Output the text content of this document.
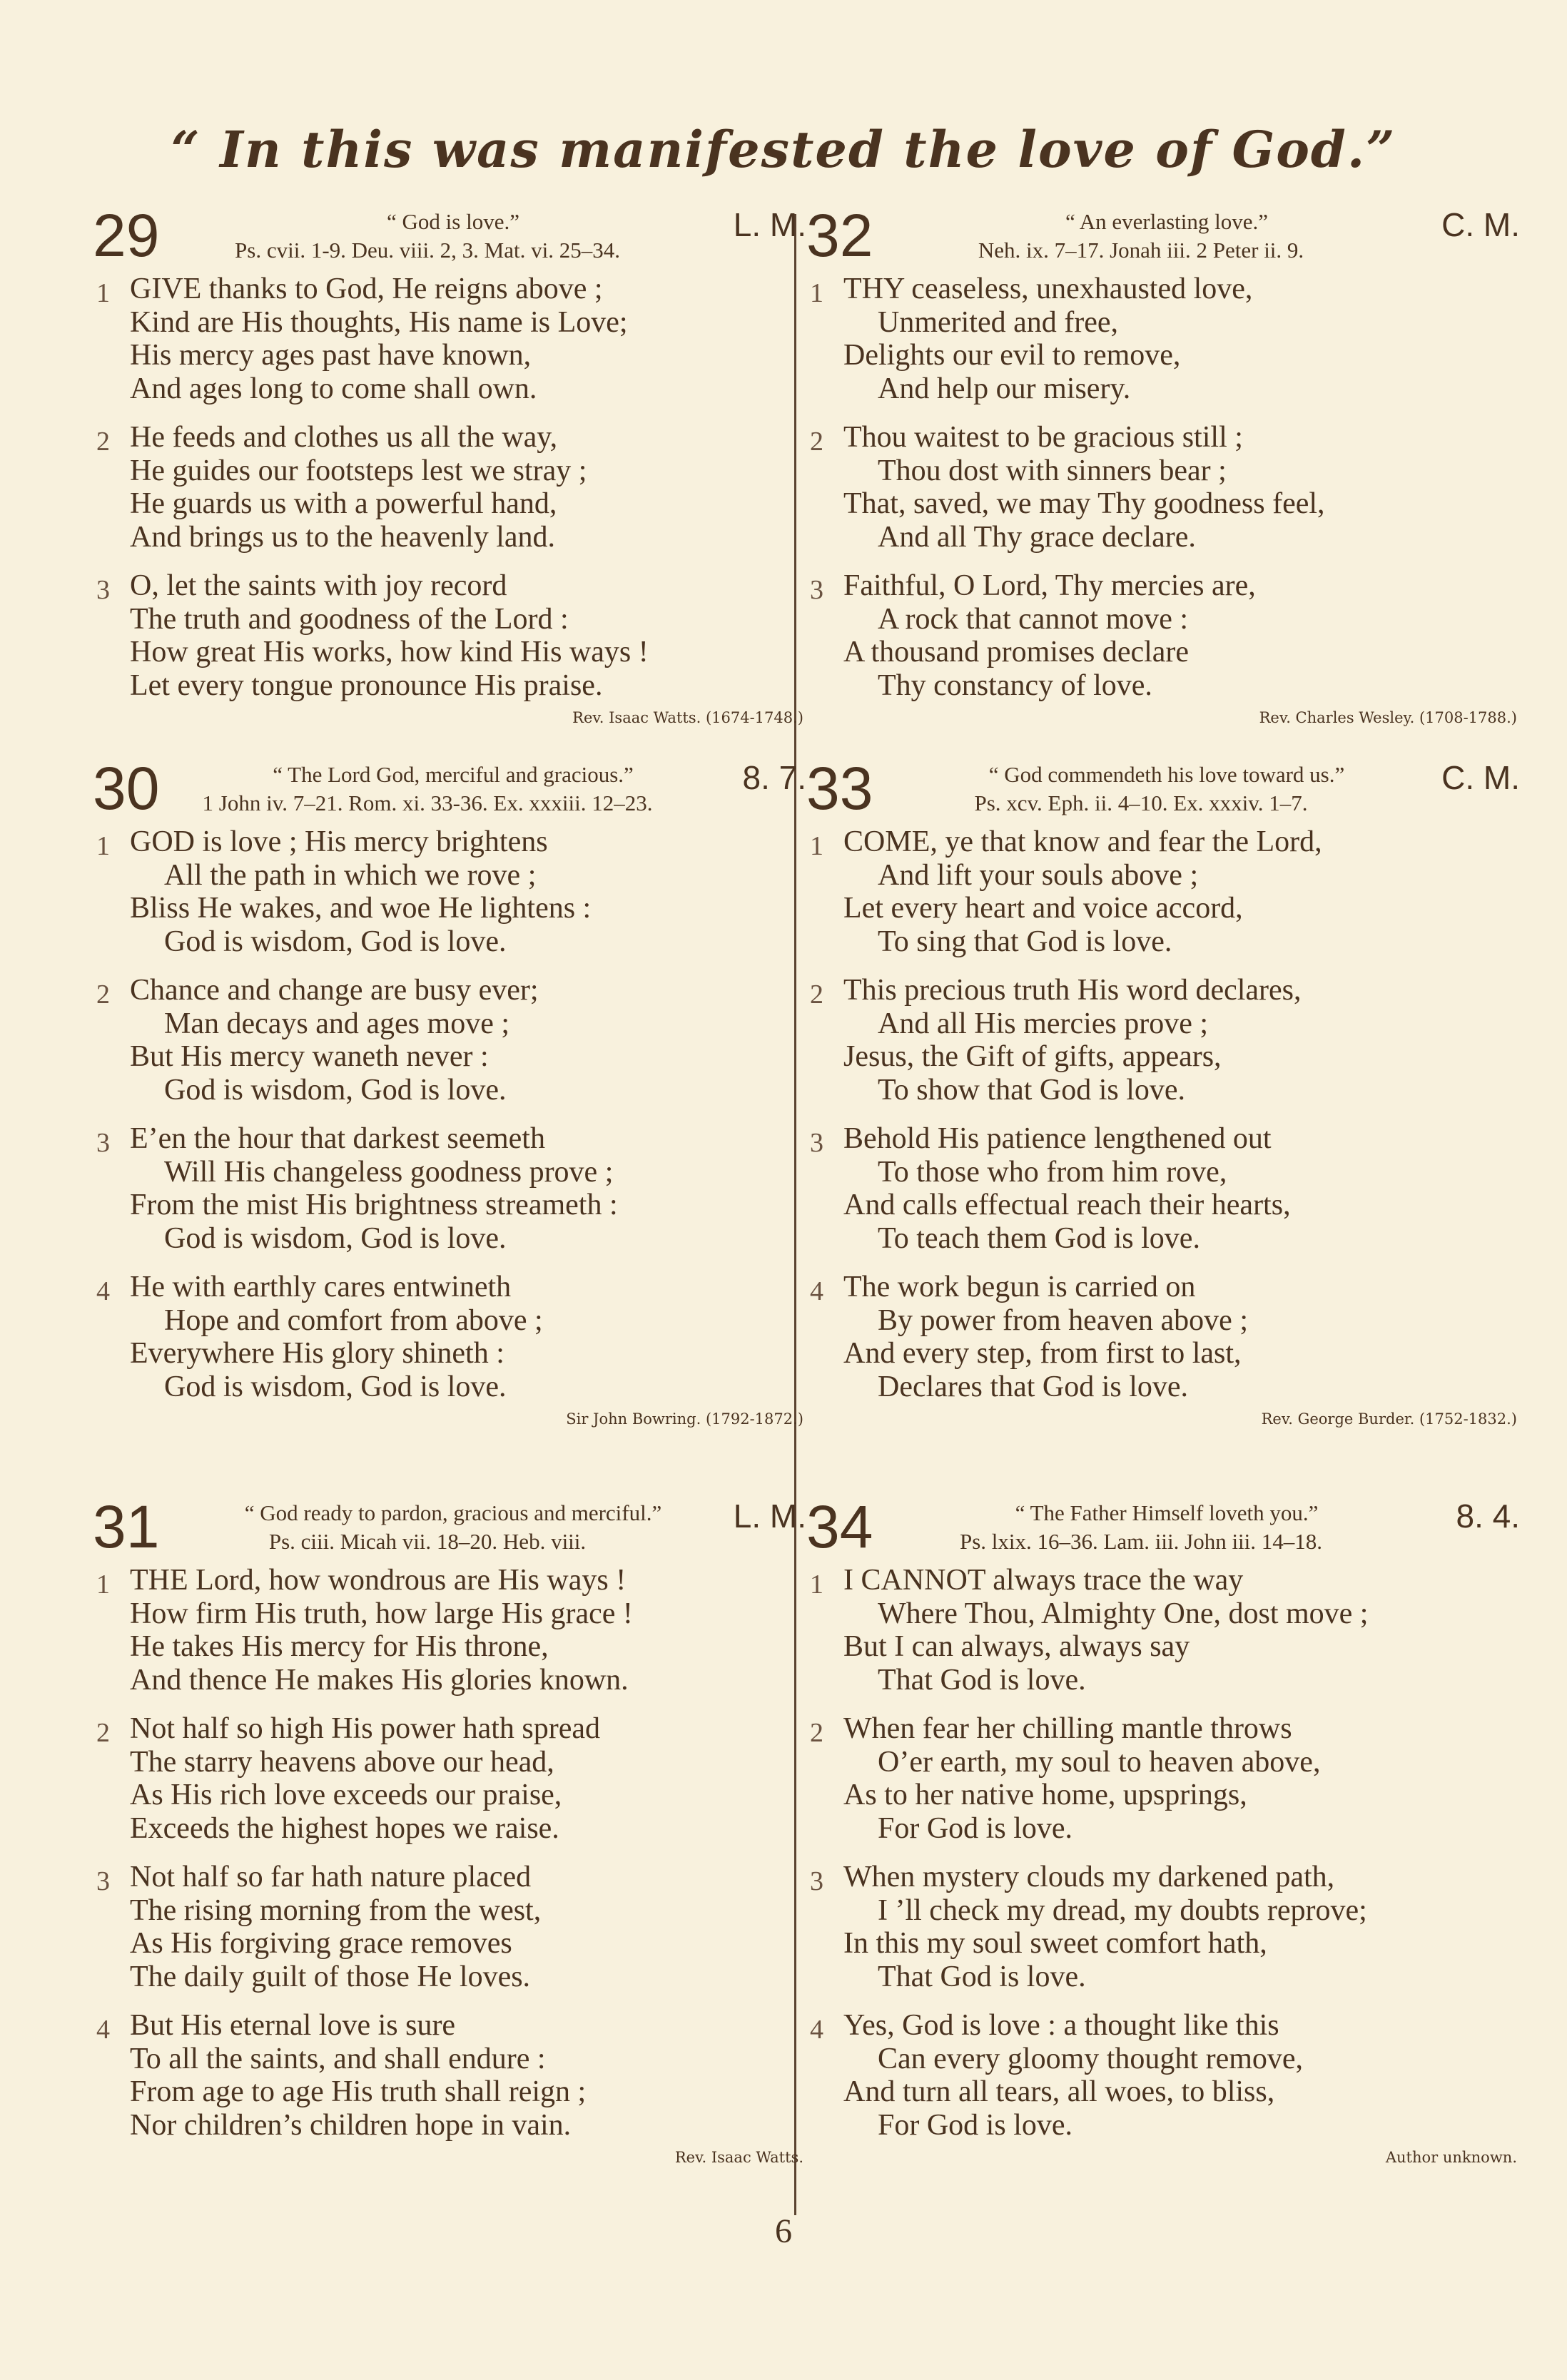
“ In this was manifested the love of God.”
29	“ God is love.”
Ps. cvii. 1-9. Deu. viii. 2, 3. Mat. vi. 25–34.
L. M.
1 GIVE thanks to God, He reigns above ;
Kind are His thoughts, His name is Love;
His mercy ages past have known,
And ages long to come shall own.
2 He feeds and clothes us all the way,
He guides our footsteps lest we stray ;
He guards us with a powerful hand,
And brings us to the heavenly land.
3 O, let the saints with joy record
The truth and goodness of the Lord :
How great His works, how kind His ways !
Let every tongue pronounce His praise.
Rev. Isaac Watts. (1674-1748.)
30	“ The Lord God, merciful and gracious.”
1 John iv. 7–21. Rom. xi. 33-36. Ex. xxxiii. 12–23.
8. 7.
1 GOD is love ; His mercy brightens
All the path in which we rove ;
Bliss He wakes, and woe He lightens :
God is wisdom, God is love.
2 Chance and change are busy ever;
Man decays and ages move ;
But His mercy waneth never :
God is wisdom, God is love.
3 E’en the hour that darkest seemeth
Will His changeless goodness prove ;
From the mist His brightness streameth :
God is wisdom, God is love.
4 He with earthly cares entwineth
Hope and comfort from above ;
Everywhere His glory shineth :
God is wisdom, God is love.
Sir John Bowring. (1792-1872.)
31	“ God ready to pardon, gracious and merciful.”
Ps. ciii. Micah vii. 18–20. Heb. viii.
L. M.
1 THE Lord, how wondrous are His ways !
How firm His truth, how large His grace !
He takes His mercy for His throne,
And thence He makes His glories known.
2 Not half so high His power hath spread
The starry heavens above our head,
As His rich love exceeds our praise,
Exceeds the highest hopes we raise.
3 Not half so far hath nature placed
The rising morning from the west,
As His forgiving grace removes
The daily guilt of those He loves.
4 But His eternal love is sure
To all the saints, and shall endure :
From age to age His truth shall reign ;
Nor children’s children hope in vain.
Rev. Isaac Watts.
32	“ An everlasting love.”
Neh. ix. 7–17. Jonah iii. 2 Peter ii. 9.
C. M.
1 THY ceaseless, unexhausted love,
Unmerited and free,
Delights our evil to remove,
And help our misery.
2 Thou waitest to be gracious still ;
Thou dost with sinners bear ;
That, saved, we may Thy goodness feel,
And all Thy grace declare.
3 Faithful, O Lord, Thy mercies are,
A rock that cannot move :
A thousand promises declare
Thy constancy of love.
Rev. Charles Wesley. (1708-1788.)
33	“ God commendeth his love toward us.”
Ps. xcv. Eph. ii. 4–10. Ex. xxxiv. 1–7.
C. M.
1 COME, ye that know and fear the Lord,
And lift your souls above ;
Let every heart and voice accord,
To sing that God is love.
2 This precious truth His word declares,
And all His mercies prove ;
Jesus, the Gift of gifts, appears,
To show that God is love.
3 Behold His patience lengthened out
To those who from him rove,
And calls effectual reach their hearts,
To teach them God is love.
4 The work begun is carried on
By power from heaven above ;
And every step, from first to last,
Declares that God is love.
Rev. George Burder. (1752-1832.)
34	“ The Father Himself loveth you.”
Ps. lxix. 16–36. Lam. iii. John iii. 14–18.
8. 4.
1 I CANNOT always trace the way
Where Thou, Almighty One, dost move ;
But I can always, always say
That God is love.
2 When fear her chilling mantle throws
O’er earth, my soul to heaven above,
As to her native home, upsprings,
For God is love.
3 When mystery clouds my darkened path,
I ’ll check my dread, my doubts reprove;
In this my soul sweet comfort hath,
That God is love.
4 Yes, God is love : a thought like this
Can every gloomy thought remove,
And turn all tears, all woes, to bliss,
For God is love.
Author unknown.
6
